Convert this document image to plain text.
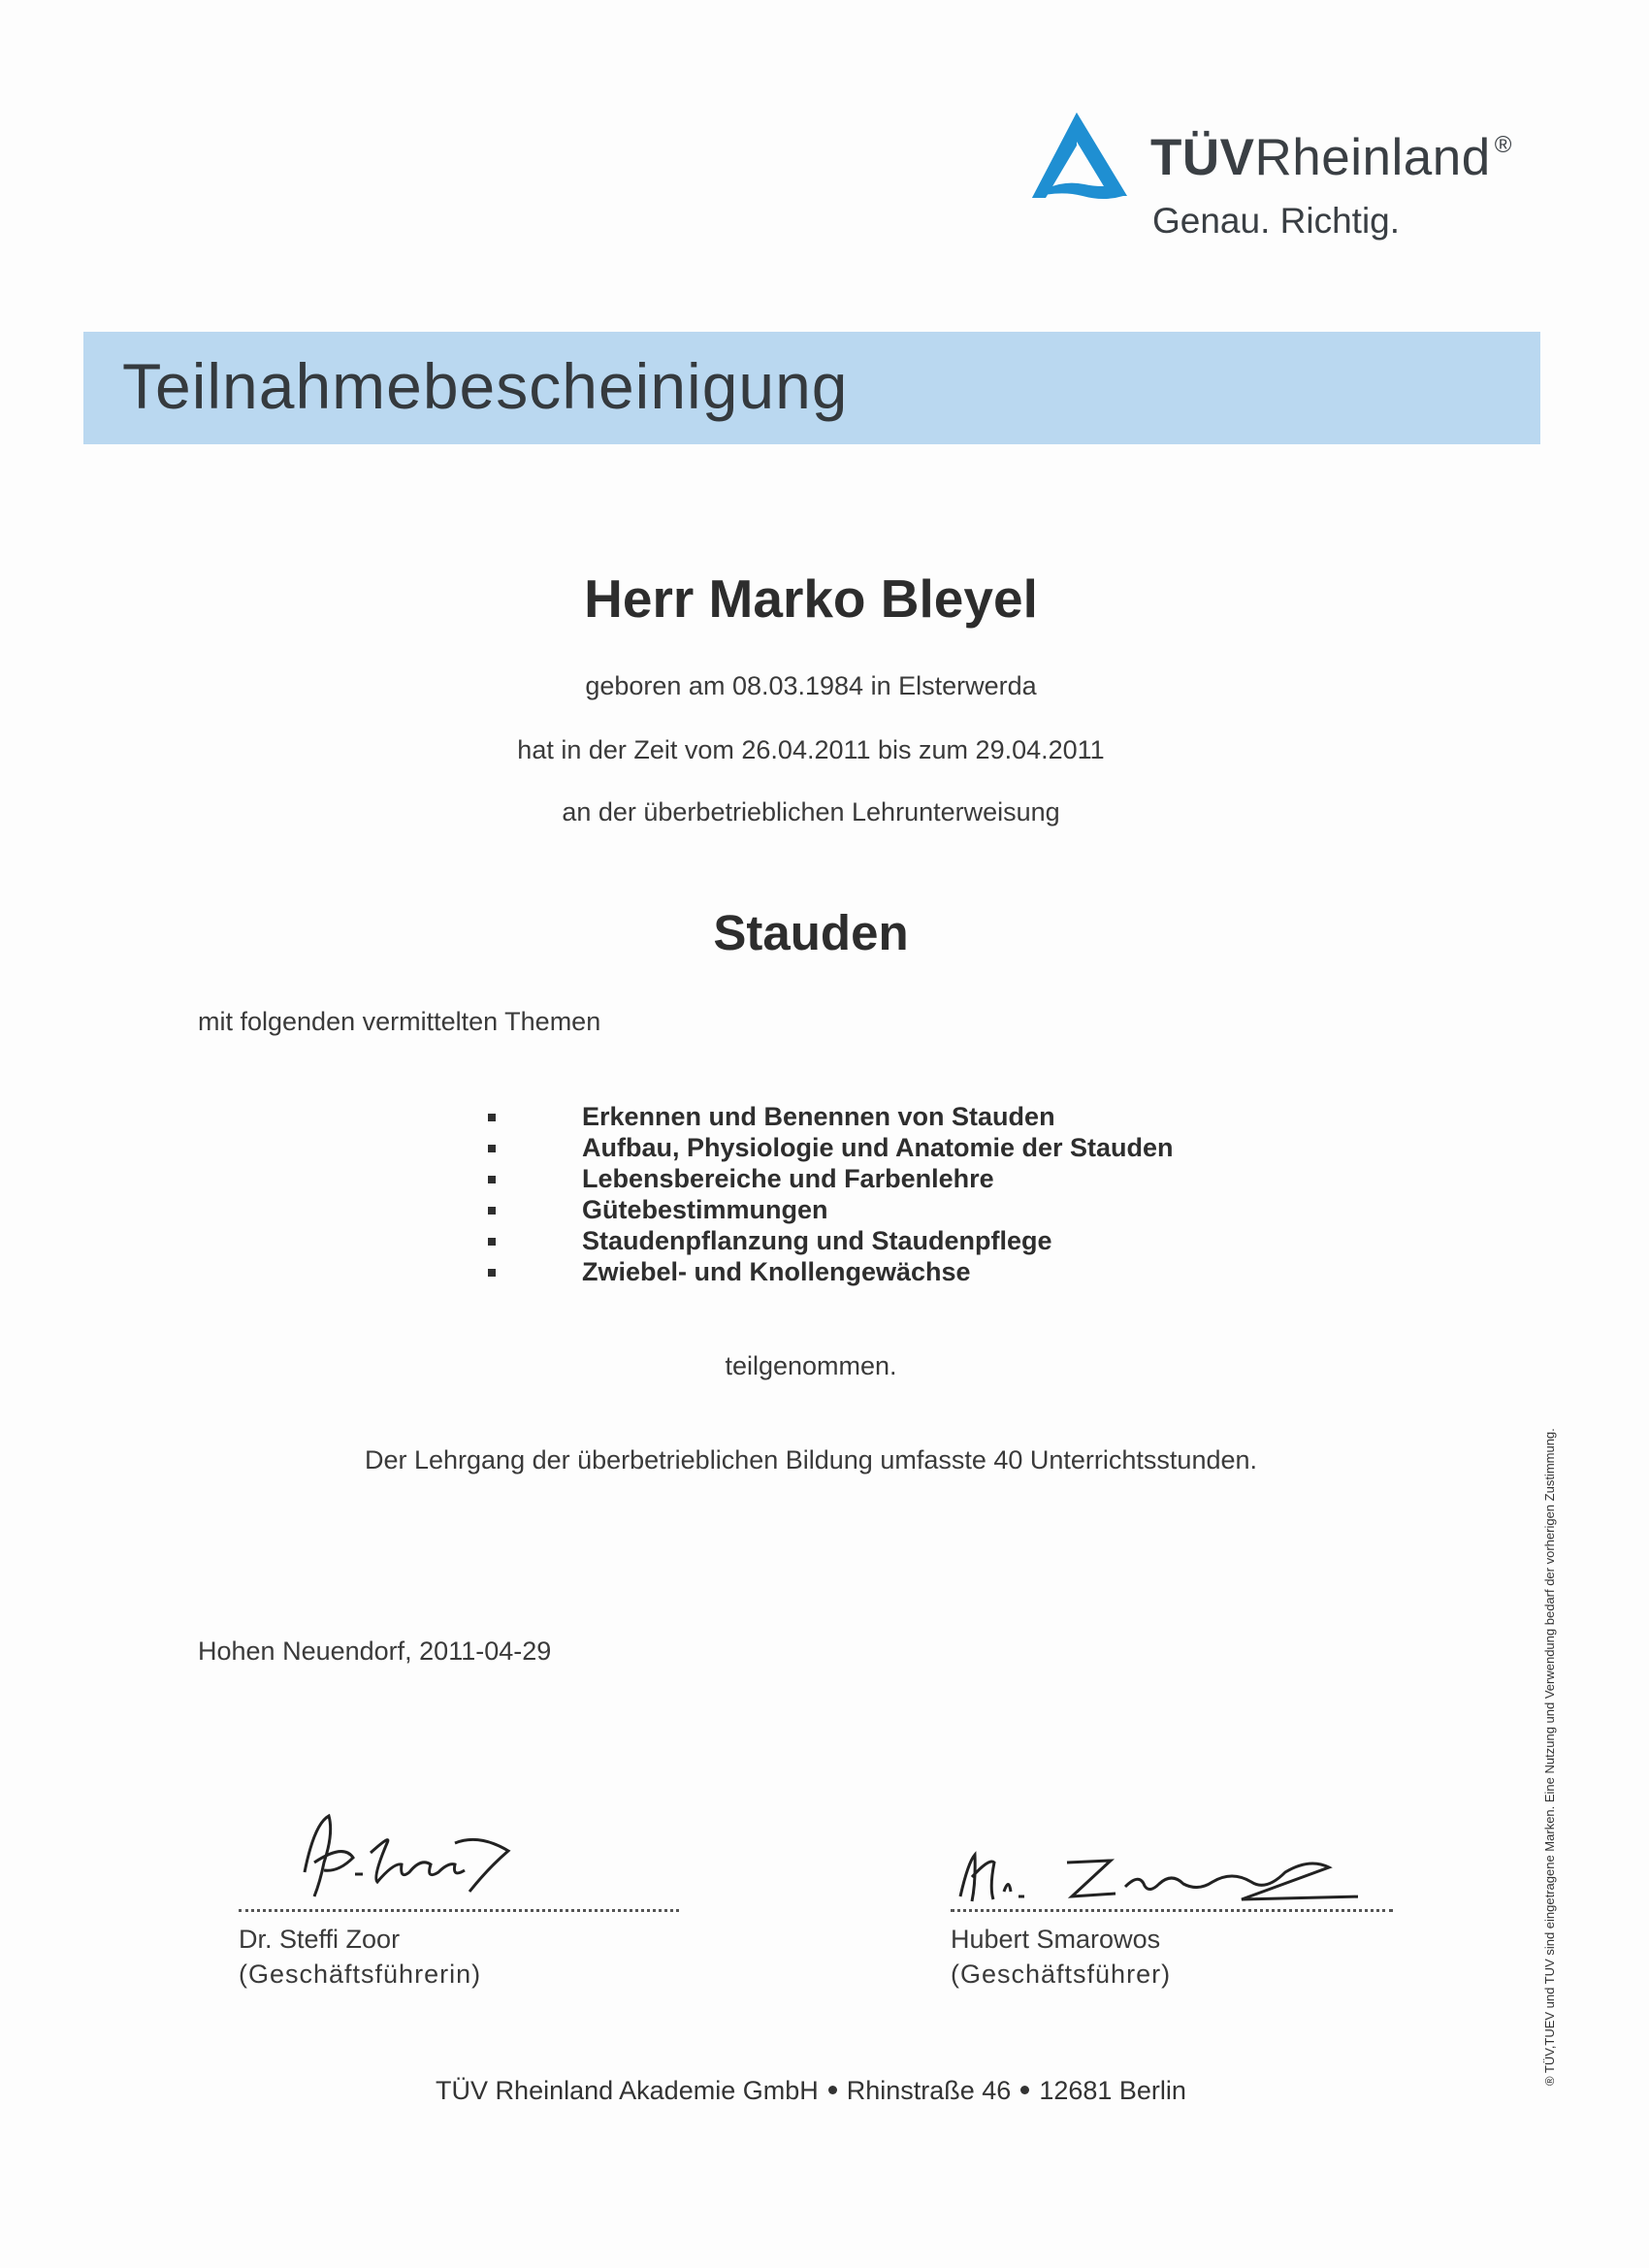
TÜVRheinland ®
Genau. Richtig.
Teilnahmebescheinigung
Herr Marko Bleyel
geboren am 08.03.1984 in Elsterwerda
hat in der Zeit vom 26.04.2011 bis zum 29.04.2011
an der überbetrieblichen Lehrunterweisung
Stauden
mit folgenden vermittelten Themen
Erkennen und Benennen von Stauden
Aufbau, Physiologie und Anatomie der Stauden
Lebensbereiche und Farbenlehre
Gütebestimmungen
Staudenpflanzung und Staudenpflege
Zwiebel- und Knollengewächse
teilgenommen.
Der Lehrgang der überbetrieblichen Bildung umfasste 40 Unterrichtsstunden.
Hohen Neuendorf, 2011-04-29
Dr. Steffi Zoor
(Geschäftsführerin)
Hubert Smarowos
(Geschäftsführer)
TÜV Rheinland Akademie GmbH Rhinstraße 46 12681 Berlin
® TÜV,TUEV und TUV sind eingetragene Marken. Eine Nutzung und Verwendung bedarf der vorherigen Zustimmung.
